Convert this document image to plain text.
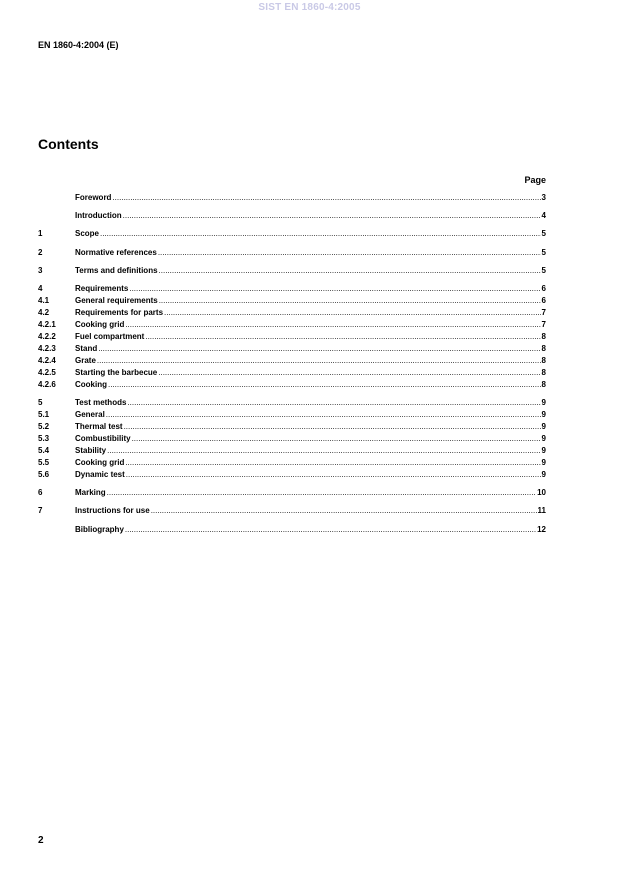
SIST EN 1860-4:2005
EN 1860-4:2004 (E)
Contents
Page
Foreword .....	3
Introduction .....	4
1	Scope .....	5
2	Normative references .....	5
3	Terms and definitions .....	5
4	Requirements .....	6
4.1	General requirements .....	6
4.2	Requirements for parts .....	7
4.2.1	Cooking grid .....	7
4.2.2	Fuel compartment .....	8
4.2.3	Stand .....	8
4.2.4	Grate .....	8
4.2.5	Starting the barbecue .....	8
4.2.6	Cooking .....	8
5	Test methods .....	9
5.1	General .....	9
5.2	Thermal test .....	9
5.3	Combustibility .....	9
5.4	Stability .....	9
5.5	Cooking grid .....	9
5.6	Dynamic test .....	9
6	Marking .....	10
7	Instructions for use .....	11
Bibliography .....	12
2
